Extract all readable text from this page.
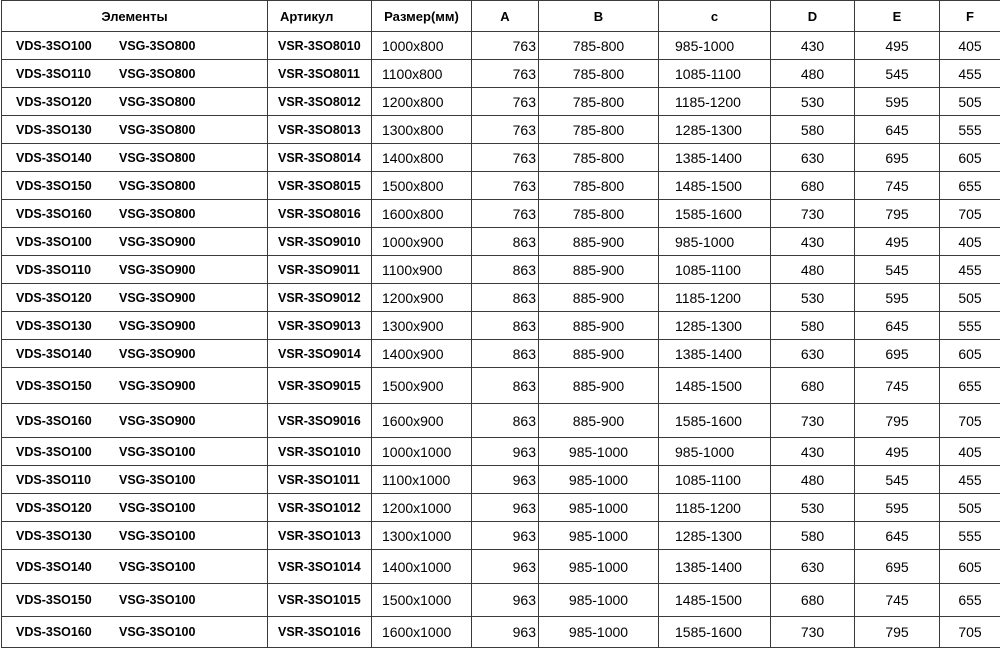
Элементы	Артикул	Размер(мм)	A	B	c	D	E	F
VDS-3SO100 VSG-3SO800	VSR-3SO8010	1000x800	763	785-800	985-1000	430	495	405
VDS-3SO110 VSG-3SO800	VSR-3SO8011	1100x800	763	785-800	1085-1100	480	545	455
VDS-3SO120 VSG-3SO800	VSR-3SO8012	1200x800	763	785-800	1185-1200	530	595	505
VDS-3SO130 VSG-3SO800	VSR-3SO8013	1300x800	763	785-800	1285-1300	580	645	555
VDS-3SO140 VSG-3SO800	VSR-3SO8014	1400x800	763	785-800	1385-1400	630	695	605
VDS-3SO150 VSG-3SO800	VSR-3SO8015	1500x800	763	785-800	1485-1500	680	745	655
VDS-3SO160 VSG-3SO800	VSR-3SO8016	1600x800	763	785-800	1585-1600	730	795	705
VDS-3SO100 VSG-3SO900	VSR-3SO9010	1000x900	863	885-900	985-1000	430	495	405
VDS-3SO110 VSG-3SO900	VSR-3SO9011	1100x900	863	885-900	1085-1100	480	545	455
VDS-3SO120 VSG-3SO900	VSR-3SO9012	1200x900	863	885-900	1185-1200	530	595	505
VDS-3SO130 VSG-3SO900	VSR-3SO9013	1300x900	863	885-900	1285-1300	580	645	555
VDS-3SO140 VSG-3SO900	VSR-3SO9014	1400x900	863	885-900	1385-1400	630	695	605
VDS-3SO150 VSG-3SO900	VSR-3SO9015	1500x900	863	885-900	1485-1500	680	745	655
VDS-3SO160 VSG-3SO900	VSR-3SO9016	1600x900	863	885-900	1585-1600	730	795	705
VDS-3SO100 VSG-3SO100	VSR-3SO1010	1000x1000	963	985-1000	985-1000	430	495	405
VDS-3SO110 VSG-3SO100	VSR-3SO1011	1100x1000	963	985-1000	1085-1100	480	545	455
VDS-3SO120 VSG-3SO100	VSR-3SO1012	1200x1000	963	985-1000	1185-1200	530	595	505
VDS-3SO130 VSG-3SO100	VSR-3SO1013	1300x1000	963	985-1000	1285-1300	580	645	555
VDS-3SO140 VSG-3SO100	VSR-3SO1014	1400x1000	963	985-1000	1385-1400	630	695	605
VDS-3SO150 VSG-3SO100	VSR-3SO1015	1500x1000	963	985-1000	1485-1500	680	745	655
VDS-3SO160 VSG-3SO100	VSR-3SO1016	1600x1000	963	985-1000	1585-1600	730	795	705
